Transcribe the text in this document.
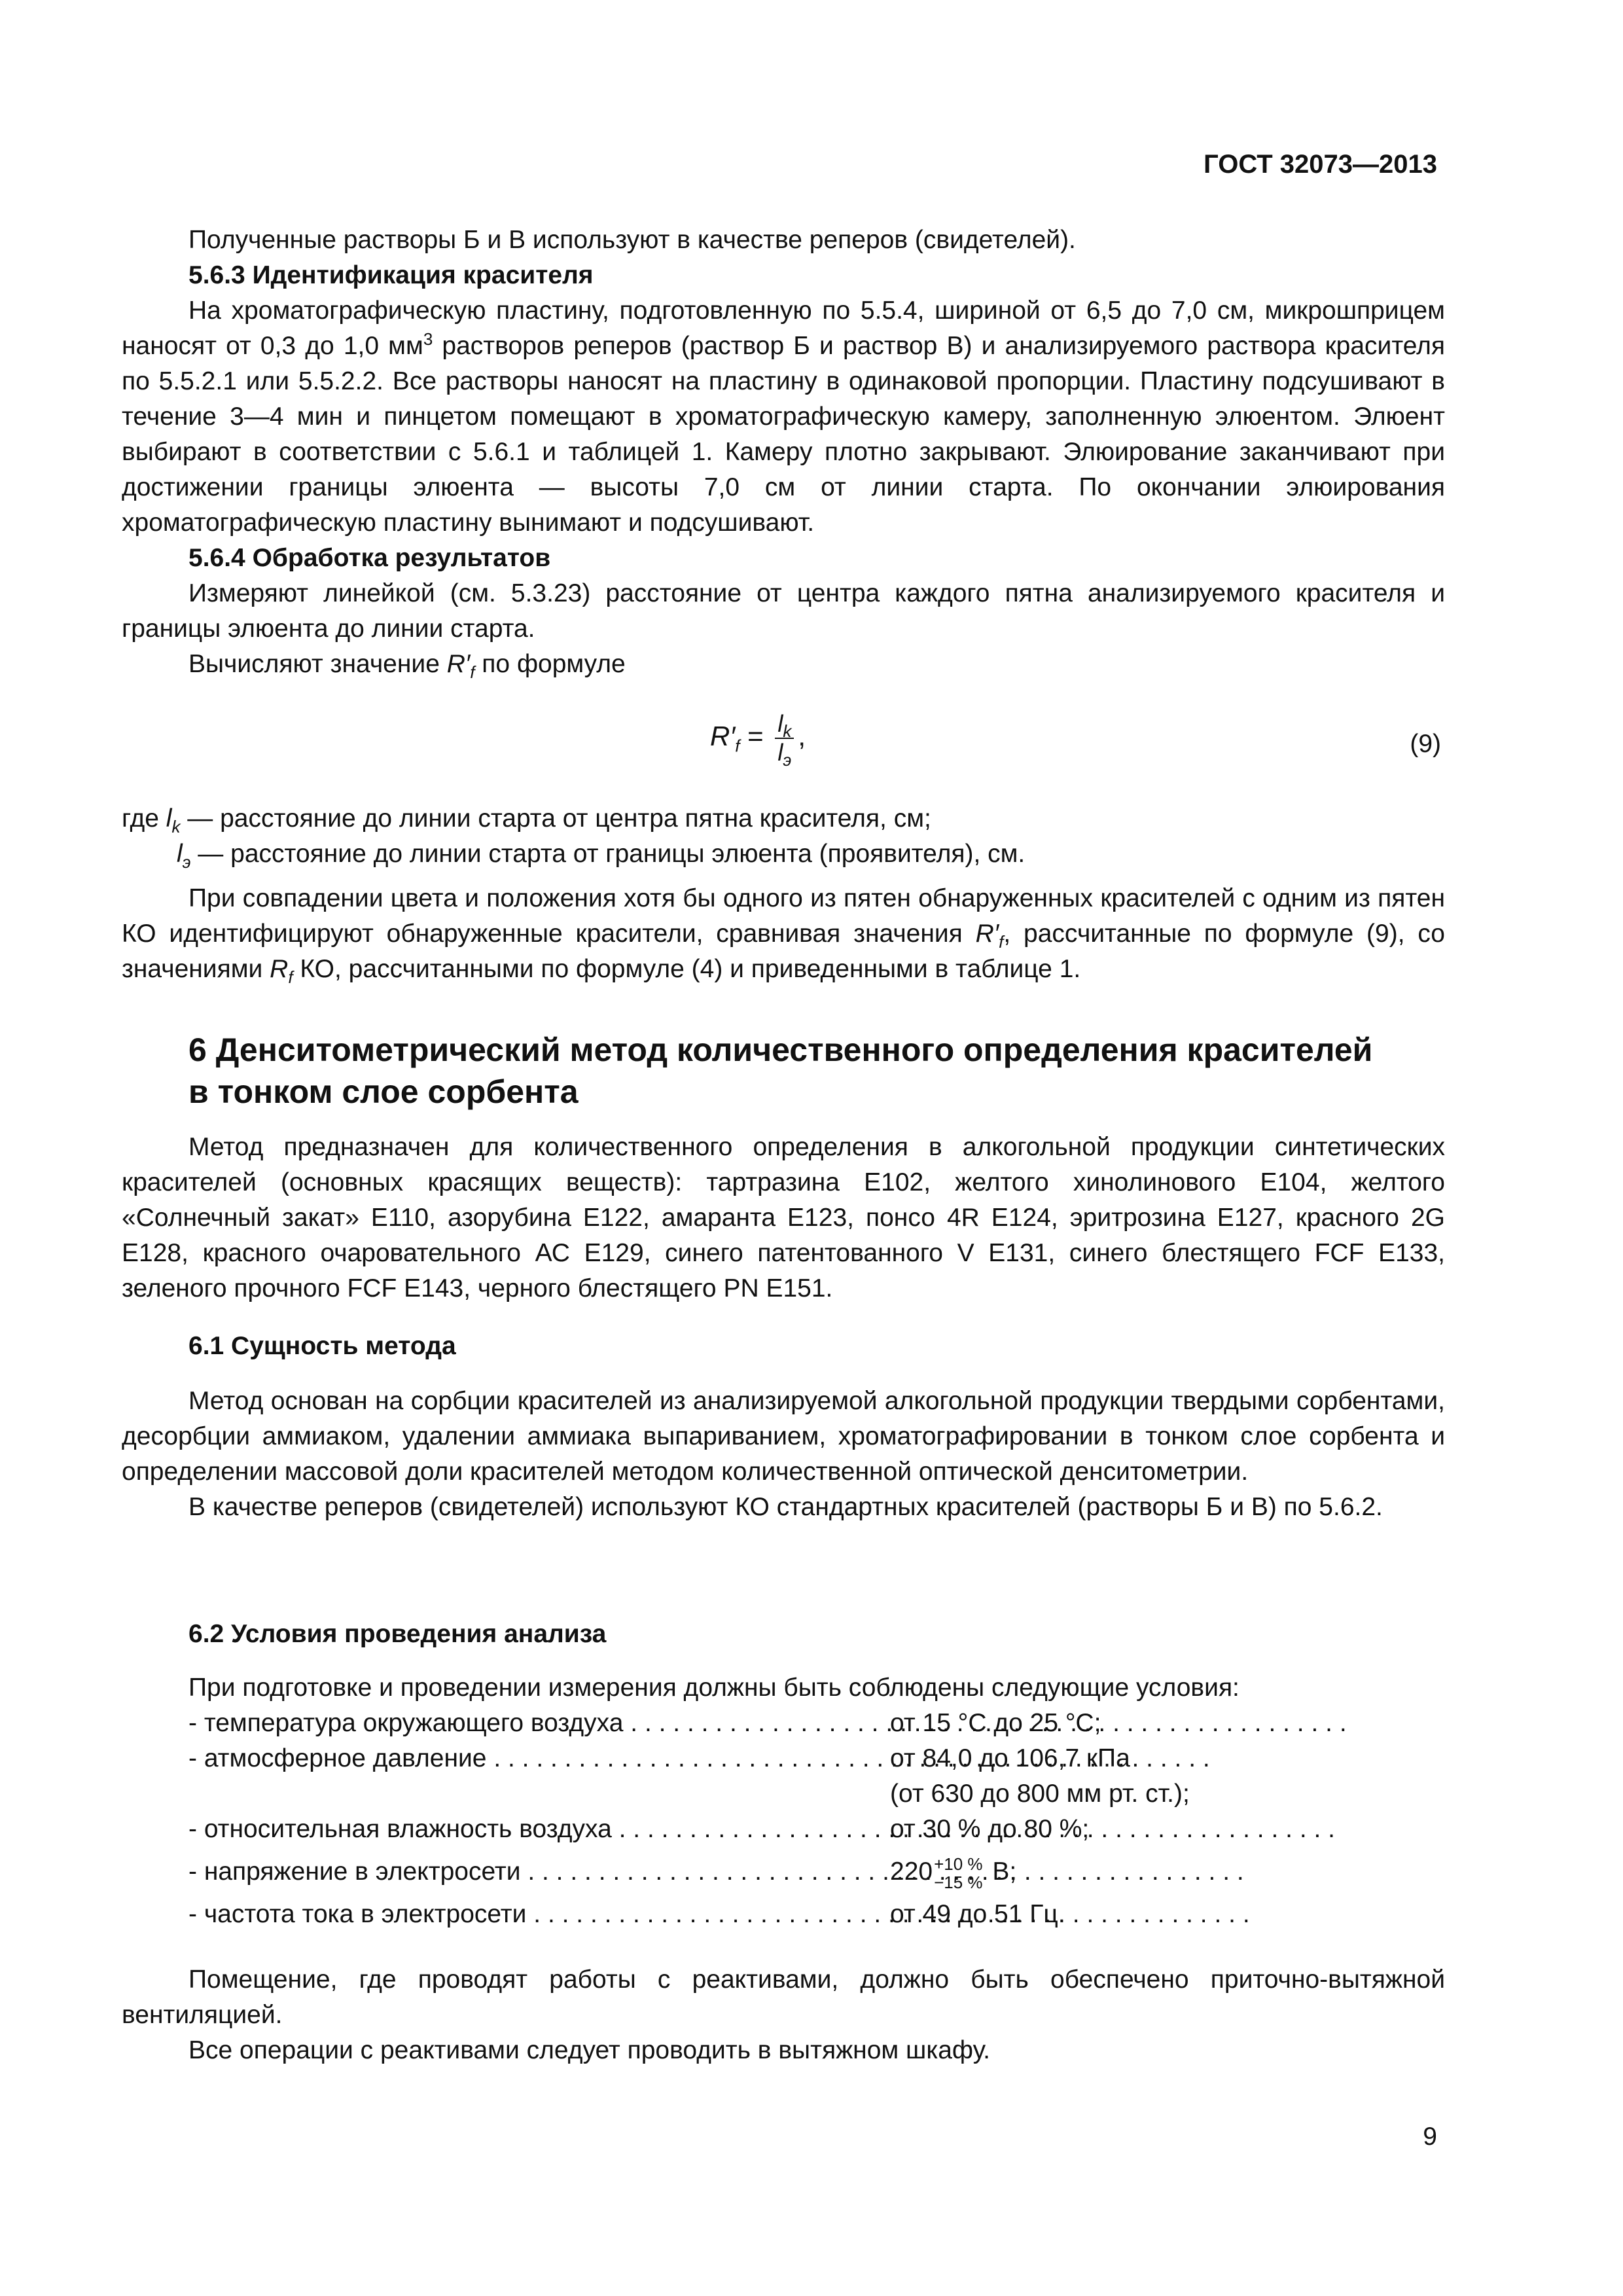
ГОСТ 32073—2013

Полученные растворы Б и В используют в качестве реперов (свидетелей).

5.6.3 Идентификация красителя

На хроматографическую пластину, подготовленную по 5.5.4, шириной от 6,5 до 7,0 см, микрошприцем наносят от 0,3 до 1,0 $мм^3$ растворов реперов (раствор Б и раствор В) и анализируемого раствора красителя по 5.5.2.1 или 5.5.2.2. Все растворы наносят на пластину в одинаковой пропорции. Пластину подсушивают в течение 3—4 мин и пинцетом помещают в хроматографическую камеру, заполненную элюентом. Элюент выбирают в соответствии с 5.6.1 и таблицей 1. Камеру плотно закрывают. Элюирование заканчивают при достижении границы элюента — высоты 7,0 см от линии старта. По окончании элюирования хроматографическую пластину вынимают и подсушивают.

5.6.4 Обработка результатов

Измеряют линейкой (см. 5.3.23) расстояние от центра каждого пятна анализируемого красителя и границы элюента до линии старта.

Вычисляют значение $R'_f$ по формуле

$R'_f = \frac{l_k}{l_э}$ ,	(9)
где $l_k$ — расстояние до линии старта от центра пятна красителя, см;
$l_э$ — расстояние до линии старта от границы элюента (проявителя), см.

При совпадении цвета и положения хотя бы одного из пятен обнаруженных красителей с одним из пятен КО идентифицируют обнаруженные красители, сравнивая значения $R'_f$, рассчитанные по формуле (9), со значениями $R_f$ КО, рассчитанными по формуле (4) и приведенными в таблице 1.

6 Денситометрический метод количественного определения красителей
в тонком слое сорбента

Метод предназначен для количественного определения в алкогольной продукции синтетических красителей (основных красящих веществ): тартразина Е102, желтого хинолинового Е104, желтого «Солнечный закат» Е110, азорубина Е122, амаранта Е123, понсо 4R Е124, эритрозина Е127, красного 2G Е128, красного очаровательного АС Е129, синего патентованного V Е131, синего блестящего FCF Е133, зеленого прочного FCF Е143, черного блестящего PN Е151.

6.1 Сущность метода

Метод основан на сорбции красителей из анализируемой алкогольной продукции твердыми сорбентами, десорбции аммиаком, удалении аммиака выпариванием, хроматографировании в тонком слое сорбента и определении массовой доли красителей методом количественной оптической денситометрии.

В качестве реперов (свидетелей) используют КО стандартных красителей (растворы Б и В) по 5.6.2.

6.2 Условия проведения анализа

При подготовке и проведении измерения должны быть соблюдены следующие условия:

- температура окружающего воздуха . . .	от 15 °С до 25 °С;
- атмосферное давление . . .	от 84,0 до 106,7 кПа
(от 630 до 800 мм рт. ст.);
- относительная влажность воздуха . . .	от 30 % до 80 %;
- напряжение в электросети . . .	220 +10 %
−15 % В;
- частота тока в электросети . . .	от 49 до 51 Гц.

Помещение, где проводят работы с реактивами, должно быть обеспечено приточно-вытяжной вентиляцией.

Все операции с реактивами следует проводить в вытяжном шкафу.

9
